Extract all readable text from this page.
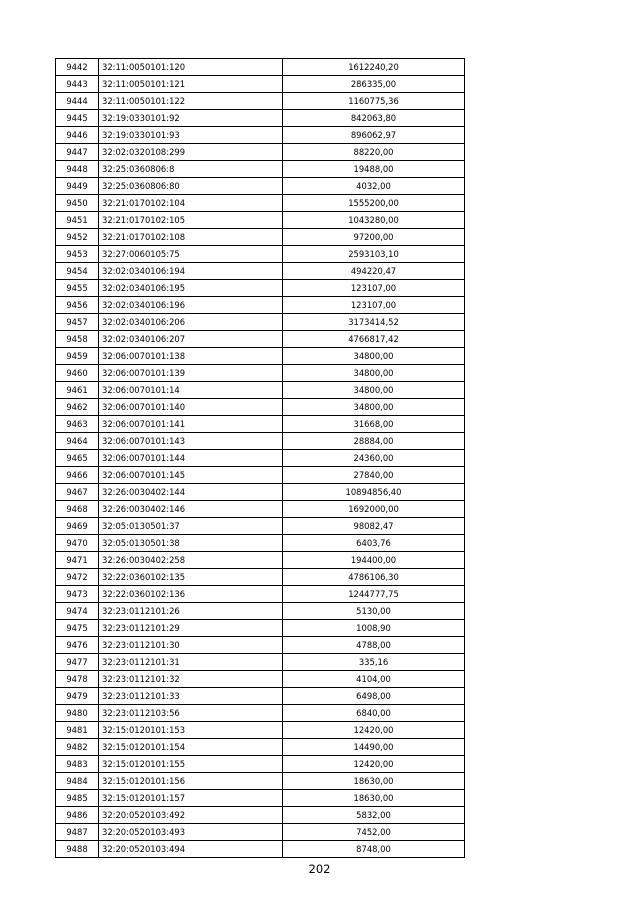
9442	32:11:0050101:120	1612240,20
9443	32:11:0050101:121	286335,00
9444	32:11:0050101:122	1160775,36
9445	32:19:0330101:92	842063,80
9446	32:19:0330101:93	896062,97
9447	32:02:0320108:299	88220,00
9448	32:25:0360806:8	19488,00
9449	32:25:0360806:80	4032,00
9450	32:21:0170102:104	1555200,00
9451	32:21:0170102:105	1043280,00
9452	32:21:0170102:108	97200,00
9453	32:27:0060105:75	2593103,10
9454	32:02:0340106:194	494220,47
9455	32:02:0340106:195	123107,00
9456	32:02:0340106:196	123107,00
9457	32:02:0340106:206	3173414,52
9458	32:02:0340106:207	4766817,42
9459	32:06:0070101:138	34800,00
9460	32:06:0070101:139	34800,00
9461	32:06:0070101:14	34800,00
9462	32:06:0070101:140	34800,00
9463	32:06:0070101:141	31668,00
9464	32:06:0070101:143	28884,00
9465	32:06:0070101:144	24360,00
9466	32:06:0070101:145	27840,00
9467	32:26:0030402:144	10894856,40
9468	32:26:0030402:146	1692000,00
9469	32:05:0130501:37	98082,47
9470	32:05:0130501:38	6403,76
9471	32:26:0030402:258	194400,00
9472	32:22:0360102:135	4786106,30
9473	32:22:0360102:136	1244777,75
9474	32:23:0112101:26	5130,00
9475	32:23:0112101:29	1008,90
9476	32:23:0112101:30	4788,00
9477	32:23:0112101:31	335,16
9478	32:23:0112101:32	4104,00
9479	32:23:0112101:33	6498,00
9480	32:23:0112103:56	6840,00
9481	32:15:0120101:153	12420,00
9482	32:15:0120101:154	14490,00
9483	32:15:0120101:155	12420,00
9484	32:15:0120101:156	18630,00
9485	32:15:0120101:157	18630,00
9486	32:20:0520103:492	5832,00
9487	32:20:0520103:493	7452,00
9488	32:20:0520103:494	8748,00
202
